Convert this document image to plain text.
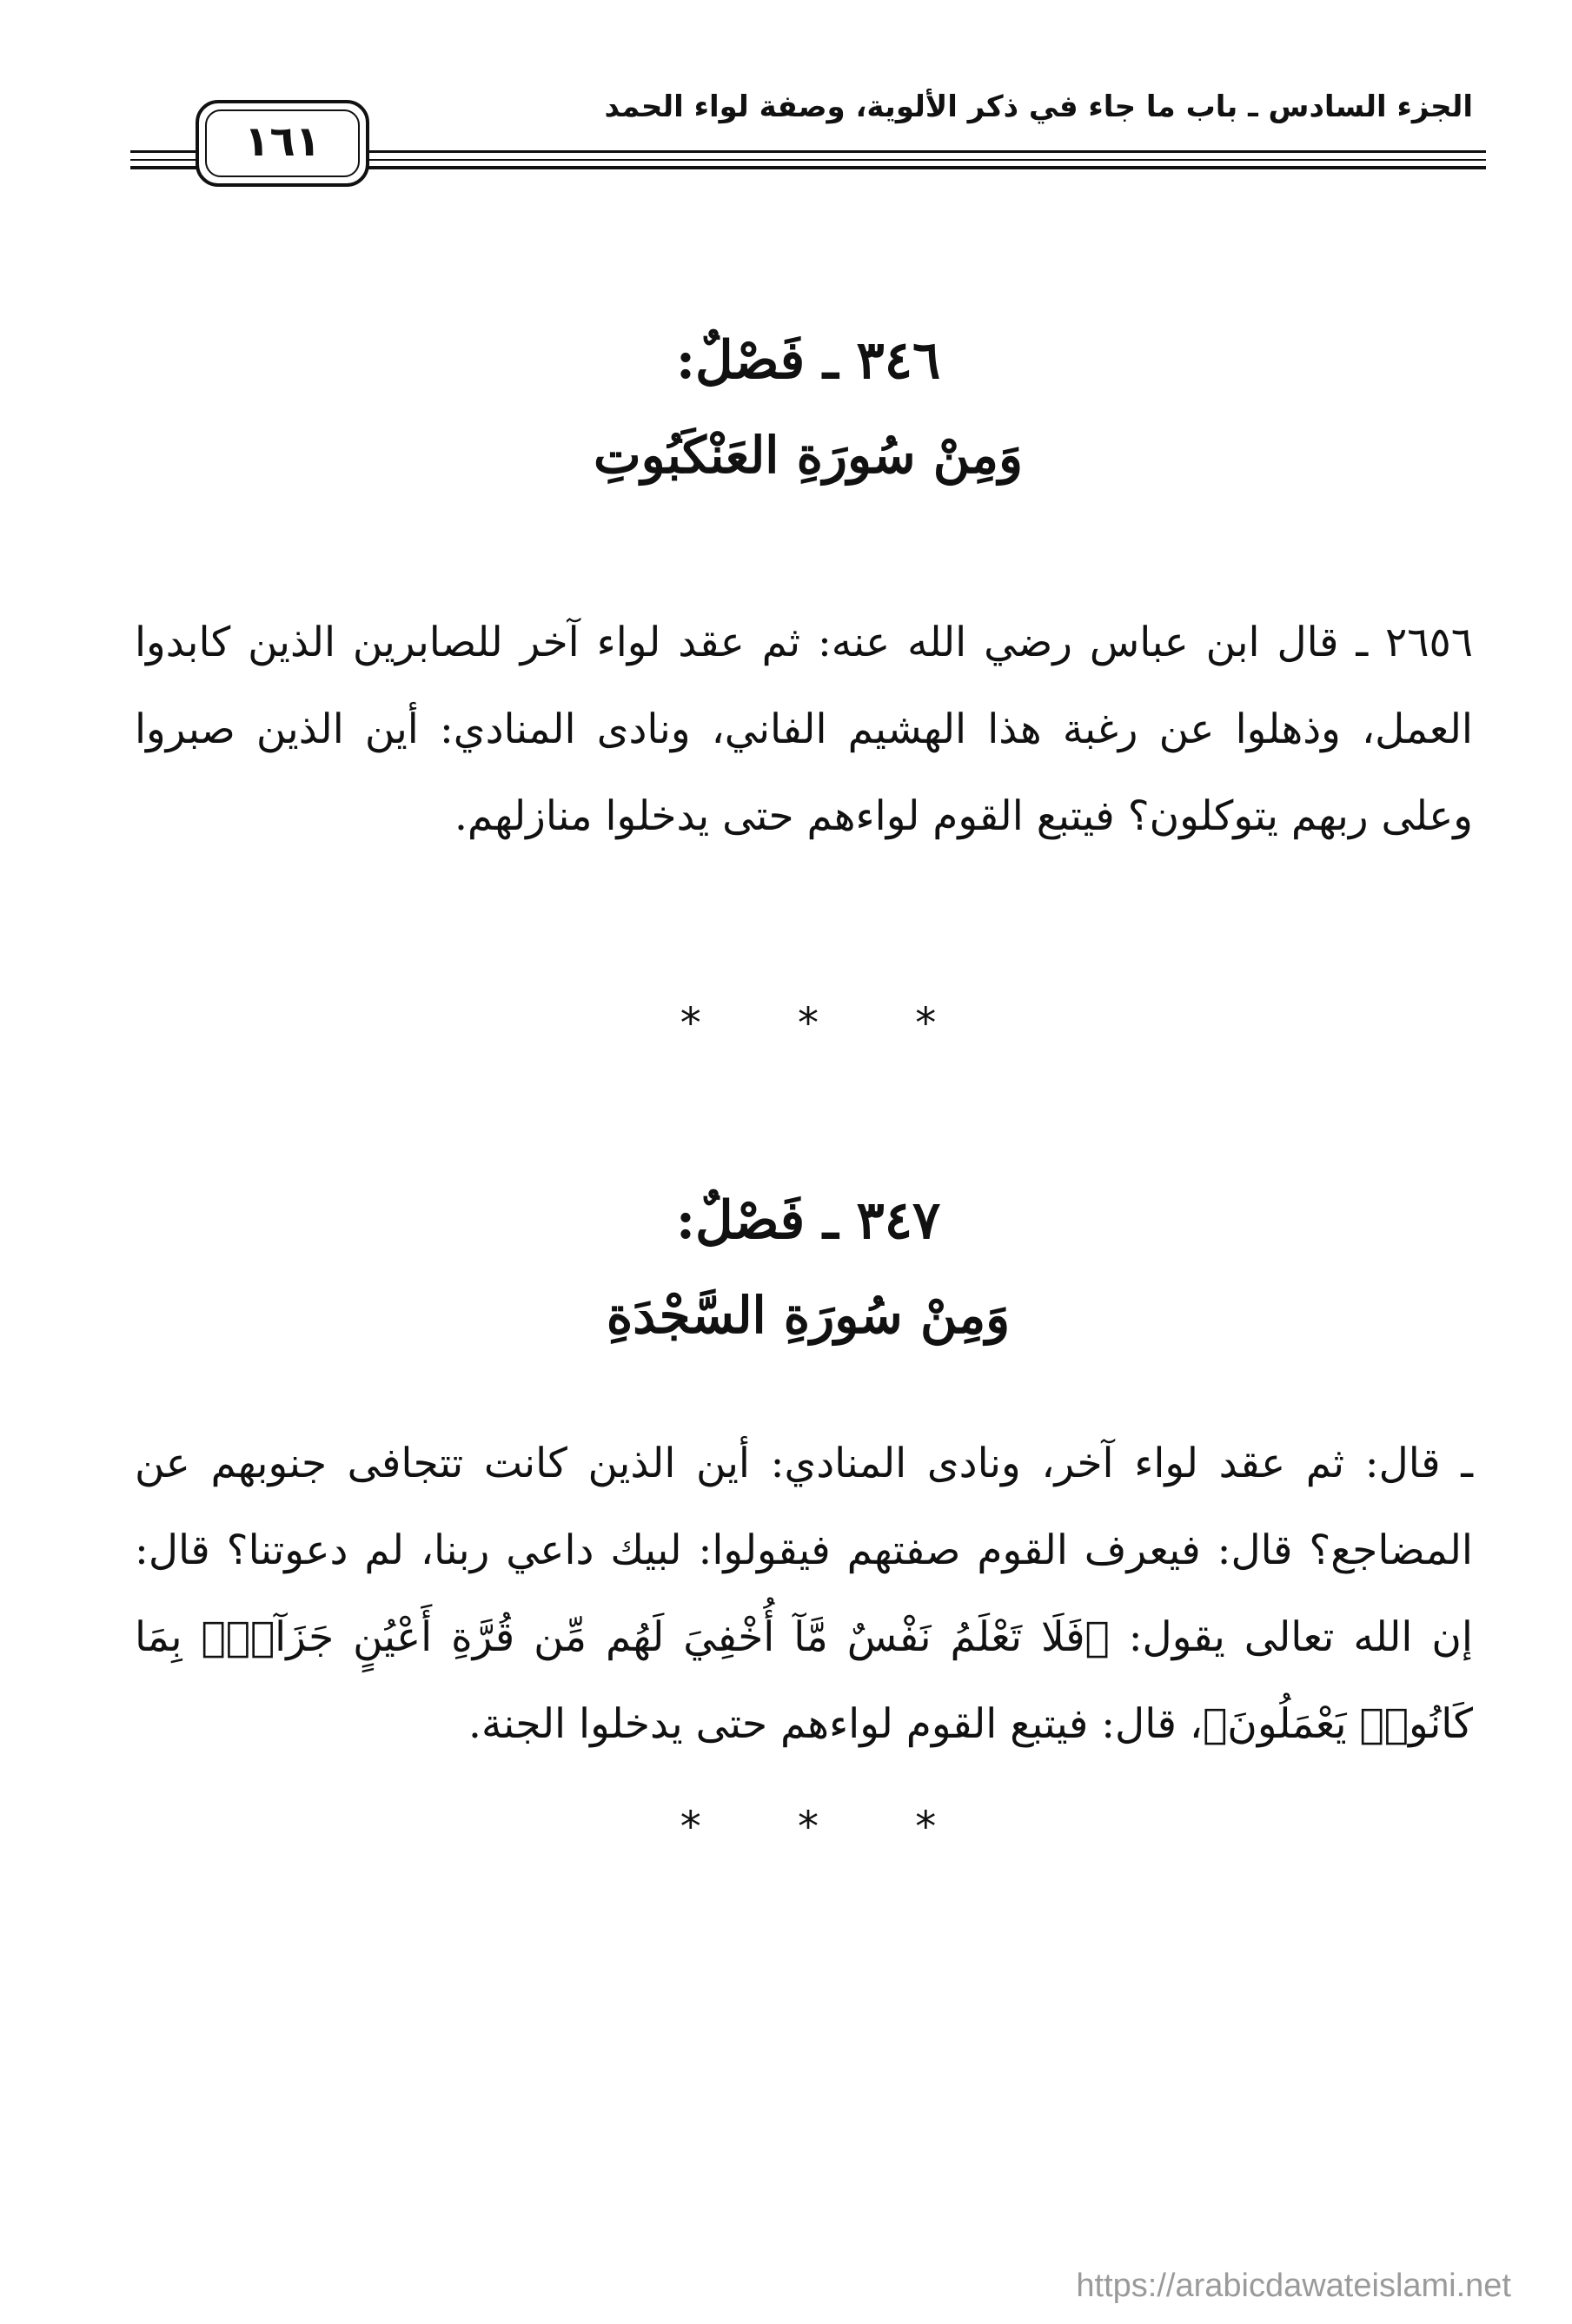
الجزء السادس ـ باب ما جاء في ذكر الألوية، وصفة لواء الحمد
١٦١
٣٤٦ ـ فَصْلٌ:
وَمِنْ سُورَةِ العَنْكَبُوتِ
٢٦٥٦ ـ قال ابن عباس رضي الله عنه: ثم عقد لواء آخر للصابرين الذين كابدوا العمل، وذهلوا عن رغبة هذا الهشيم الفاني، ونادى المنادي: أين الذين صبروا وعلى ربهم يتوكلون؟ فيتبع القوم لواءهم حتى يدخلوا منازلهم.
* * *
٣٤٧ ـ فَصْلٌ:
وَمِنْ سُورَةِ السَّجْدَةِ
ـ قال: ثم عقد لواء آخر، ونادى المنادي: أين الذين كانت تتجافى جنوبهم عن المضاجع؟ قال: فيعرف القوم صفتهم فيقولوا: لبيك داعي ربنا، لم دعوتنا؟ قال: إن الله تعالى يقول: ﴿فَلَا تَعْلَمُ نَفْسٌ مَّآ أُخْفِيَ لَهُم مِّن قُرَّةِ أَعْيُنٍ جَزَآءًۢ بِمَا كَانُوا۟ يَعْمَلُونَ﴾، قال: فيتبع القوم لواءهم حتى يدخلوا الجنة.
* * *
https://arabicdawateislami.net
